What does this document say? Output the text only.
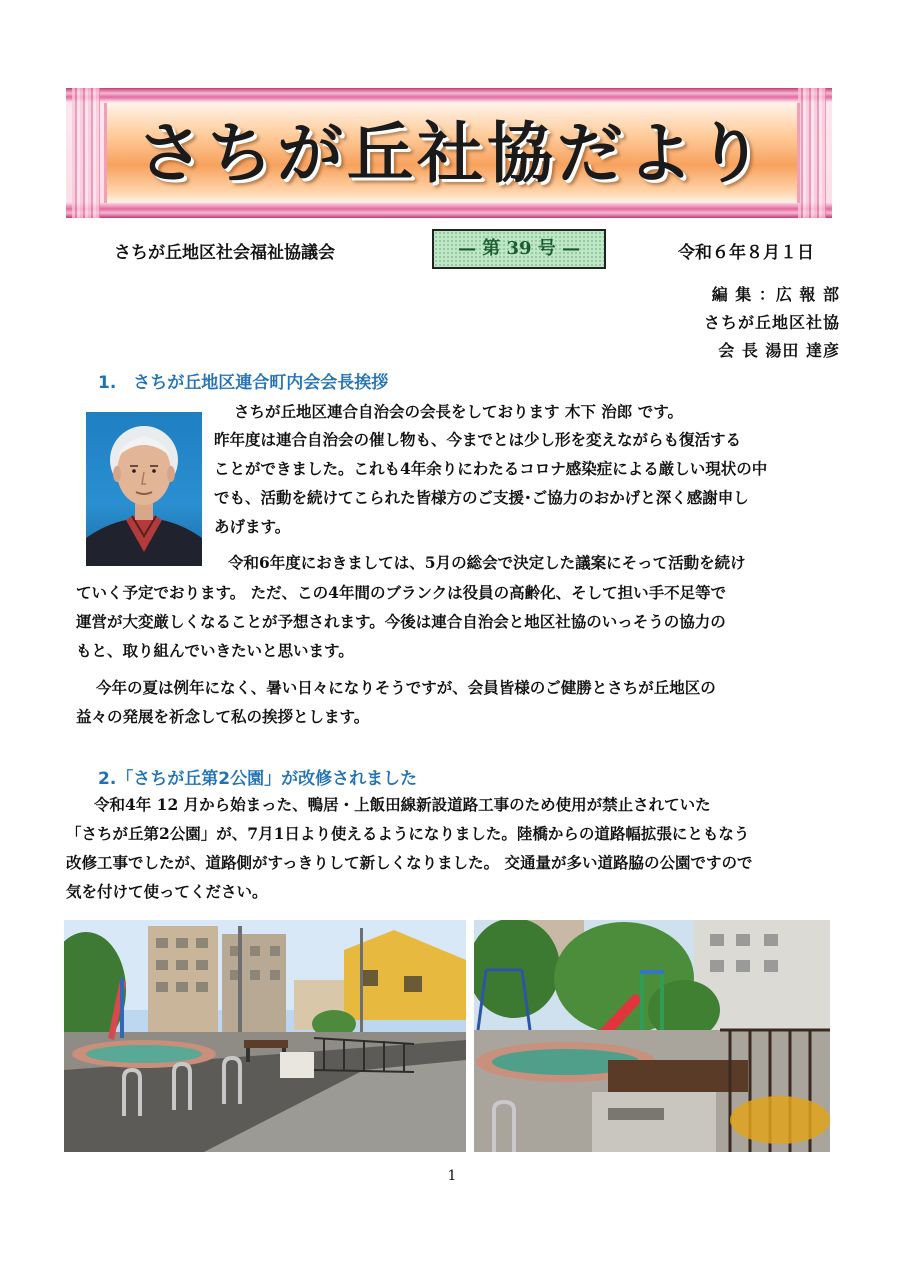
さちが丘社協だより
さちが丘地区社会福祉協議会	— 第 39 号 —	令和６年８月１日
編 集 ：広 報 部
さちが丘地区社協
会 長 湯田 達彦
1.　さちが丘地区連合町内会会長挨拶
さちが丘地区連合自治会の会長をしております 木下 治郎 です。
昨年度は連合自治会の催し物も、今までとは少し形を変えながらも復活する
ことができました。これも4年余りにわたるコロナ感染症による厳しい現状の中
でも、活動を続けてこられた皆様方のご支援･ご協力のおかげと深く感謝申し
あげます。
令和6年度におきましては、5月の総会で決定した議案にそって活動を続け
ていく予定でおります。 ただ、この4年間のブランクは役員の高齢化、そして担い手不足等で
運営が大変厳しくなることが予想されます。今後は連合自治会と地区社協のいっそうの協力の
もと、取り組んでいきたいと思います。
今年の夏は例年になく、暑い日々になりそうですが、会員皆様のご健勝とさちが丘地区の
益々の発展を祈念して私の挨拶とします。
2.「さちが丘第2公園」が改修されました
令和4年 12 月から始まった、鴨居・上飯田線新設道路工事のため使用が禁止されていた
「さちが丘第2公園」が、7月1日より使えるようになりました。陸橋からの道路幅拡張にともなう
改修工事でしたが、道路側がすっきりして新しくなりました。 交通量が多い道路脇の公園ですので
気を付けて使ってください。
1
